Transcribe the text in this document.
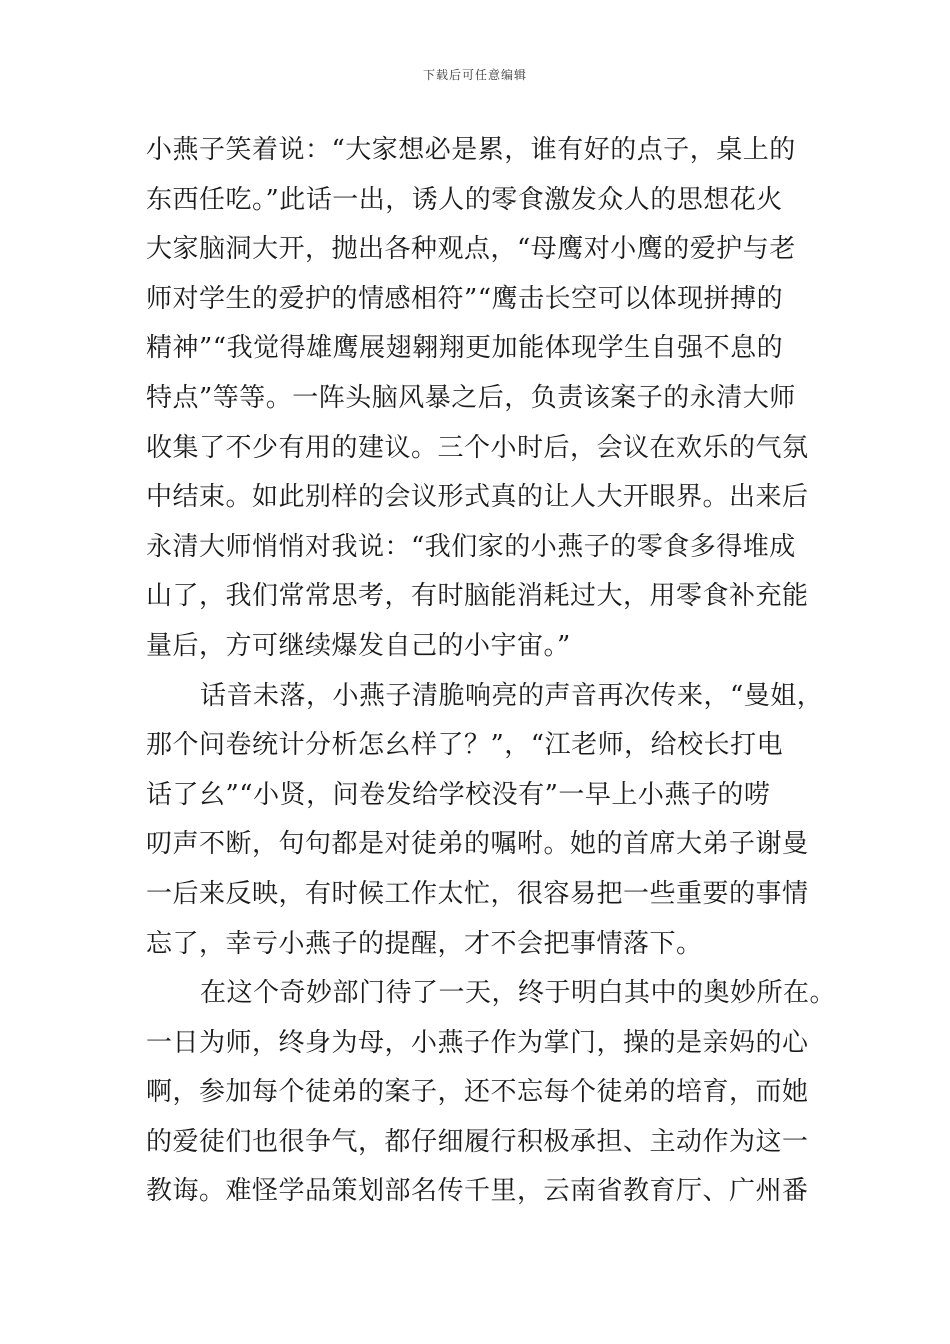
下载后可任意编辑
小燕子笑着说：“大家想必是累，谁有好的点子，桌上的
东西任吃。”此话一出，诱人的零食激发众人的思想花火
大家脑洞大开，抛出各种观点，“母鹰对小鹰的爱护与老
师对学生的爱护的情感相符”“鹰击长空可以体现拼搏的
精神”“我觉得雄鹰展翅翱翔更加能体现学生自强不息的
特点”等等。一阵头脑风暴之后，负责该案子的永清大师
收集了不少有用的建议。三个小时后，会议在欢乐的气氛
中结束。如此别样的会议形式真的让人大开眼界。出来后
永清大师悄悄对我说：“我们家的小燕子的零食多得堆成
山了，我们常常思考，有时脑能消耗过大，用零食补充能
量后，方可继续爆发自己的小宇宙。”
话音未落，小燕子清脆响亮的声音再次传来，“曼姐，
那个问卷统计分析怎幺样了？”，“江老师，给校长打电
话了幺”“小贤，问卷发给学校没有”一早上小燕子的唠
叨声不断，句句都是对徒弟的嘱咐。她的首席大弟子谢曼
一后来反映，有时候工作太忙，很容易把一些重要的事情
忘了，幸亏小燕子的提醒，才不会把事情落下。
在这个奇妙部门待了一天，终于明白其中的奥妙所在。
一日为师，终身为母，小燕子作为掌门，操的是亲妈的心
啊，参加每个徒弟的案子，还不忘每个徒弟的培育，而她
的爱徒们也很争气，都仔细履行积极承担、主动作为这一
教诲。难怪学品策划部名传千里，云南省教育厅、广州番
